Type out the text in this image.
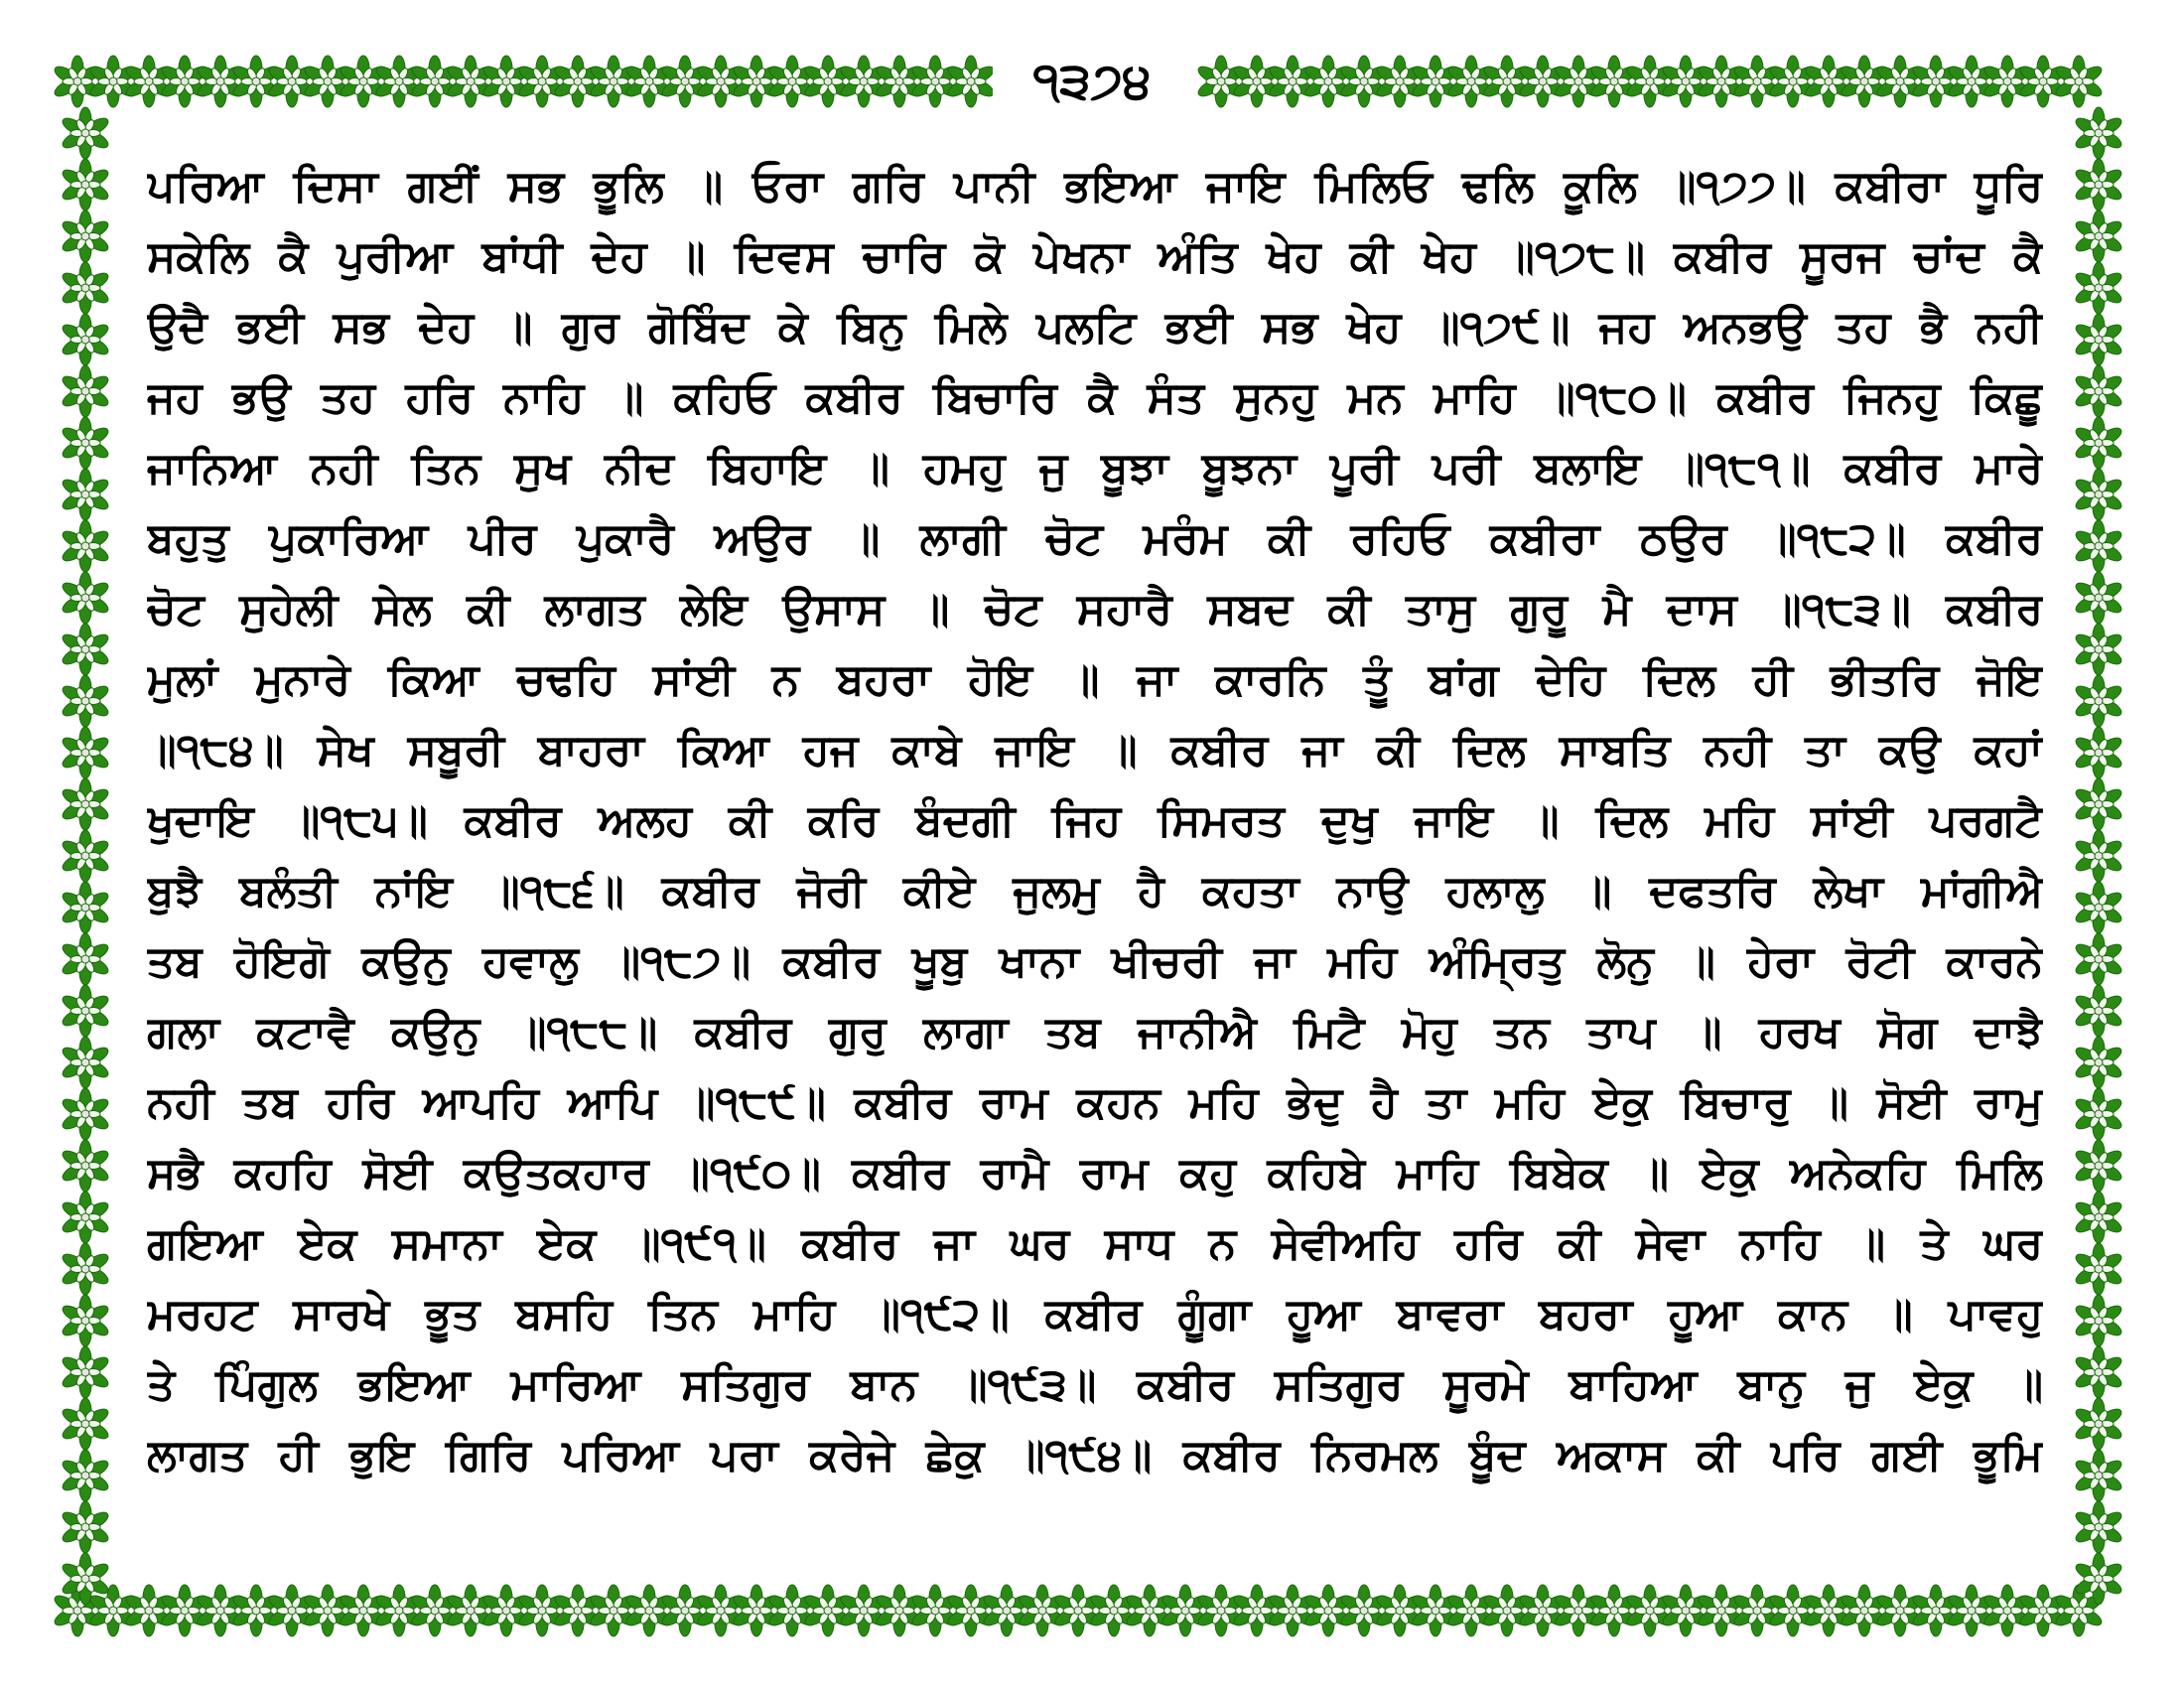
੧੩੭੪
ਪਰਿਆ ਦਿਸਾ ਗਈਂ ਸਭ ਭੂਲਿ ॥ ਓਰਾ ਗਰਿ ਪਾਨੀ ਭਇਆ ਜਾਇ ਮਿਲਿਓ ਢਲਿ ਕੂਲਿ ॥੧੭੭॥ ਕਬੀਰਾ ਧੂਰਿ
ਸਕੇਲਿ ਕੈ ਪੁਰੀਆ ਬਾਂਧੀ ਦੇਹ ॥ ਦਿਵਸ ਚਾਰਿ ਕੋ ਪੇਖਨਾ ਅੰਤਿ ਖੇਹ ਕੀ ਖੇਹ ॥੧੭੮॥ ਕਬੀਰ ਸੂਰਜ ਚਾਂਦ ਕੈ
ਉਦੈ ਭਈ ਸਭ ਦੇਹ ॥ ਗੁਰ ਗੋਬਿੰਦ ਕੇ ਬਿਨੁ ਮਿਲੇ ਪਲਟਿ ਭਈ ਸਭ ਖੇਹ ॥੧੭੯॥ ਜਹ ਅਨਭਉ ਤਹ ਭੈ ਨਹੀ
ਜਹ ਭਉ ਤਹ ਹਰਿ ਨਾਹਿ ॥ ਕਹਿਓ ਕਬੀਰ ਬਿਚਾਰਿ ਕੈ ਸੰਤ ਸੁਨਹੁ ਮਨ ਮਾਹਿ ॥੧੮੦॥ ਕਬੀਰ ਜਿਨਹੁ ਕਿਛੂ
ਜਾਨਿਆ ਨਹੀ ਤਿਨ ਸੁਖ ਨੀਦ ਬਿਹਾਇ ॥ ਹਮਹੁ ਜੁ ਬੂਝਾ ਬੂਝਨਾ ਪੂਰੀ ਪਰੀ ਬਲਾਇ ॥੧੮੧॥ ਕਬੀਰ ਮਾਰੇ
ਬਹੁਤੁ ਪੁਕਾਰਿਆ ਪੀਰ ਪੁਕਾਰੈ ਅਉਰ ॥ ਲਾਗੀ ਚੋਟ ਮਰੰਮ ਕੀ ਰਹਿਓ ਕਬੀਰਾ ਠਉਰ ॥੧੮੨॥ ਕਬੀਰ
ਚੋਟ ਸੁਹੇਲੀ ਸੇਲ ਕੀ ਲਾਗਤ ਲੇਇ ਉਸਾਸ ॥ ਚੋਟ ਸਹਾਰੈ ਸਬਦ ਕੀ ਤਾਸੁ ਗੁਰੂ ਮੈ ਦਾਸ ॥੧੮੩॥ ਕਬੀਰ
ਮੁਲਾਂ ਮੁਨਾਰੇ ਕਿਆ ਚਢਹਿ ਸਾਂਈ ਨ ਬਹਰਾ ਹੋਇ ॥ ਜਾ ਕਾਰਨਿ ਤੂੰ ਬਾਂਗ ਦੇਹਿ ਦਿਲ ਹੀ ਭੀਤਰਿ ਜੋਇ
॥੧੮੪॥ ਸੇਖ ਸਬੂਰੀ ਬਾਹਰਾ ਕਿਆ ਹਜ ਕਾਬੇ ਜਾਇ ॥ ਕਬੀਰ ਜਾ ਕੀ ਦਿਲ ਸਾਬਤਿ ਨਹੀ ਤਾ ਕਉ ਕਹਾਂ
ਖੁਦਾਇ ॥੧੮੫॥ ਕਬੀਰ ਅਲਹ ਕੀ ਕਰਿ ਬੰਦਗੀ ਜਿਹ ਸਿਮਰਤ ਦੁਖੁ ਜਾਇ ॥ ਦਿਲ ਮਹਿ ਸਾਂਈ ਪਰਗਟੈ
ਬੁਝੈ ਬਲੰਤੀ ਨਾਂਇ ॥੧੮੬॥ ਕਬੀਰ ਜੋਰੀ ਕੀਏ ਜੁਲਮੁ ਹੈ ਕਹਤਾ ਨਾਉ ਹਲਾਲੁ ॥ ਦਫਤਰਿ ਲੇਖਾ ਮਾਂਗੀਐ
ਤਬ ਹੋਇਗੋ ਕਉਨੁ ਹਵਾਲੁ ॥੧੮੭॥ ਕਬੀਰ ਖੂਬੁ ਖਾਨਾ ਖੀਚਰੀ ਜਾ ਮਹਿ ਅੰਮ੍ਰਿਤੁ ਲੋਨੁ ॥ ਹੇਰਾ ਰੋਟੀ ਕਾਰਨੇ
ਗਲਾ ਕਟਾਵੈ ਕਉਨੁ ॥੧੮੮॥ ਕਬੀਰ ਗੁਰੁ ਲਾਗਾ ਤਬ ਜਾਨੀਐ ਮਿਟੈ ਮੋਹੁ ਤਨ ਤਾਪ ॥ ਹਰਖ ਸੋਗ ਦਾਝੈ
ਨਹੀ ਤਬ ਹਰਿ ਆਪਹਿ ਆਪਿ ॥੧੮੯॥ ਕਬੀਰ ਰਾਮ ਕਹਨ ਮਹਿ ਭੇਦੁ ਹੈ ਤਾ ਮਹਿ ਏਕੁ ਬਿਚਾਰੁ ॥ ਸੋਈ ਰਾਮੁ
ਸਭੈ ਕਹਹਿ ਸੋਈ ਕਉਤਕਹਾਰ ॥੧੯੦॥ ਕਬੀਰ ਰਾਮੈ ਰਾਮ ਕਹੁ ਕਹਿਬੇ ਮਾਹਿ ਬਿਬੇਕ ॥ ਏਕੁ ਅਨੇਕਹਿ ਮਿਲਿ
ਗਇਆ ਏਕ ਸਮਾਨਾ ਏਕ ॥੧੯੧॥ ਕਬੀਰ ਜਾ ਘਰ ਸਾਧ ਨ ਸੇਵੀਅਹਿ ਹਰਿ ਕੀ ਸੇਵਾ ਨਾਹਿ ॥ ਤੇ ਘਰ
ਮਰਹਟ ਸਾਰਖੇ ਭੂਤ ਬਸਹਿ ਤਿਨ ਮਾਹਿ ॥੧੯੨॥ ਕਬੀਰ ਗੂੰਗਾ ਹੂਆ ਬਾਵਰਾ ਬਹਰਾ ਹੂਆ ਕਾਨ ॥ ਪਾਵਹੁ
ਤੇ ਪਿੰਗੁਲ ਭਇਆ ਮਾਰਿਆ ਸਤਿਗੁਰ ਬਾਨ ॥੧੯੩॥ ਕਬੀਰ ਸਤਿਗੁਰ ਸੂਰਮੇ ਬਾਹਿਆ ਬਾਨੁ ਜੁ ਏਕੁ ॥
ਲਾਗਤ ਹੀ ਭੁਇ ਗਿਰਿ ਪਰਿਆ ਪਰਾ ਕਰੇਜੇ ਛੇਕੁ ॥੧੯੪॥ ਕਬੀਰ ਨਿਰਮਲ ਬੂੰਦ ਅਕਾਸ ਕੀ ਪਰਿ ਗਈ ਭੂਮਿ
